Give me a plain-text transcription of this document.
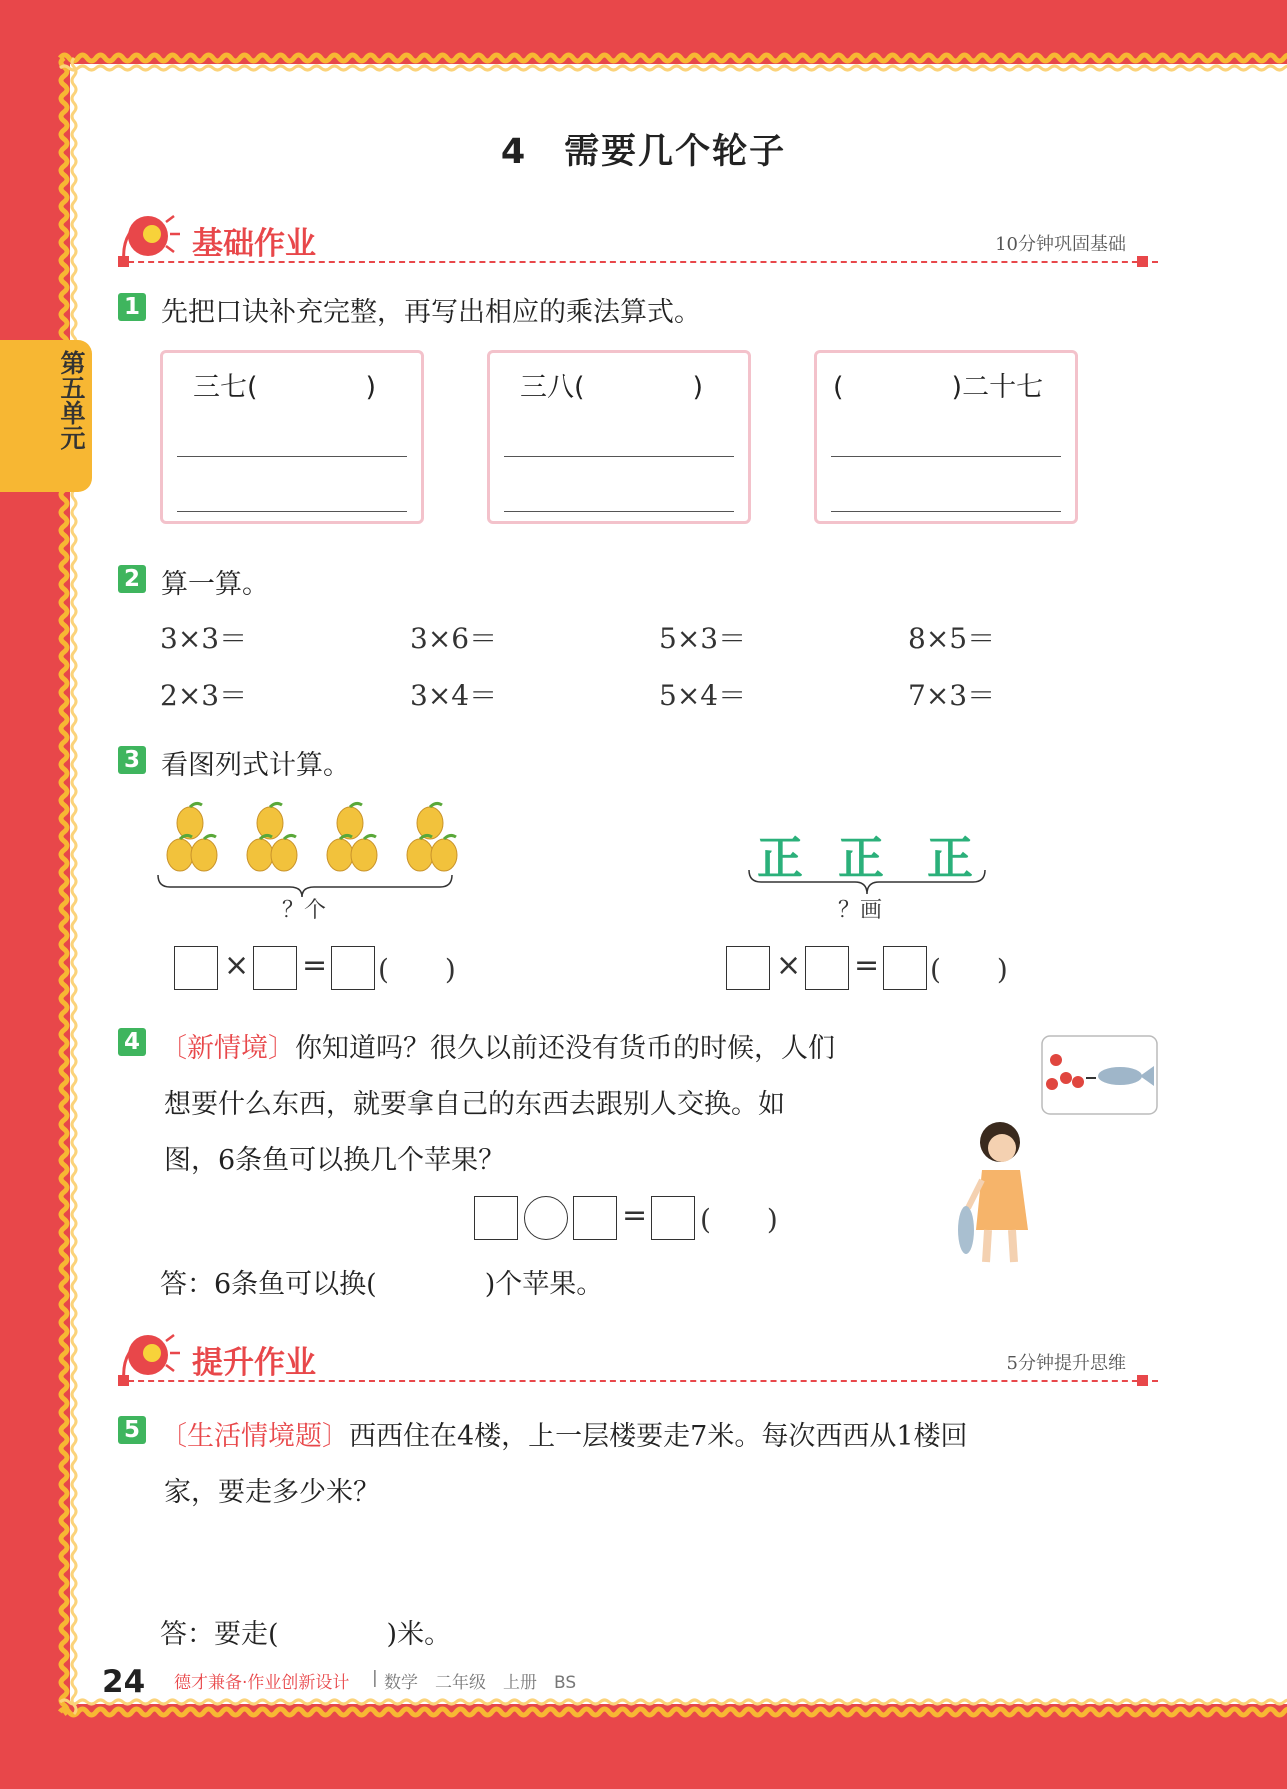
第五单元
4　需要几个轮子
基础作业	10分钟巩固基础
1 先把口诀补充完整，再写出相应的乘法算式。
三七(　　　　)	三八(　　　　)	(　　　　)二十七
2 算一算。
3×3＝	3×6＝	5×3＝	8×5＝
2×3＝	3×4＝	5×4＝	7×3＝
3 看图列式计算。
？个
正 正 正
？画
× = (　　)	× = (　　)
4 〔新情境〕你知道吗？很久以前还没有货币的时候，人们
想要什么东西，就要拿自己的东西去跟别人交换。如
图，6条鱼可以换几个苹果？
= (　　)
答：6条鱼可以换(　　　　)个苹果。
提升作业	5分钟提升思维
5 〔生活情境题〕西西住在4楼，上一层楼要走7米。每次西西从1楼回
家，要走多少米？
答：要走(　　　　)米。
24 德才兼备·作业创新设计 | 数学　二年级　上册　BS
